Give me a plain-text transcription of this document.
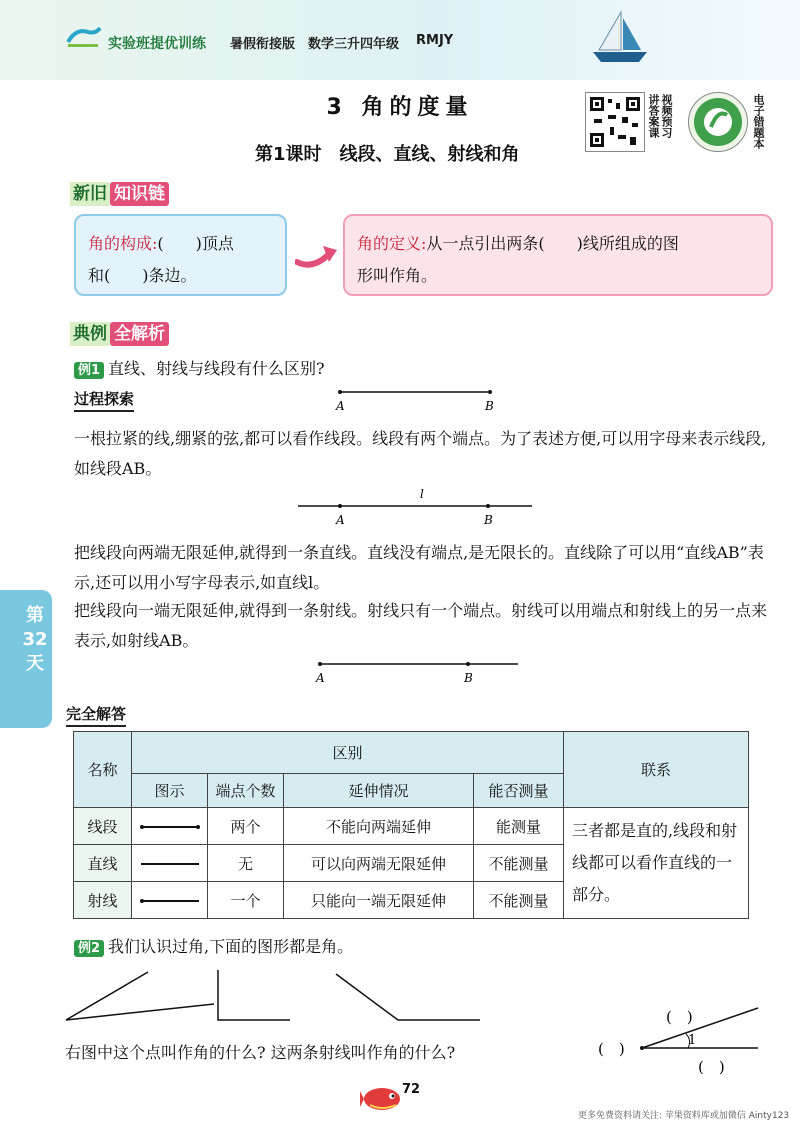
实验班提优训练 暑假衔接版 数学三升四年级 RMJY
3 角的度量
第1课时　线段、直线、射线和角
视频预习 讲答案课	电子错题本
新旧 知识链
角的构成:(　　)顶点
和(　　)条边。
角的定义:从一点引出两条(　　)线所组成的图
形叫作角。
典例 全解析
例1 直线、射线与线段有什么区别?
过程探索	A	B
一根拉紧的线,绷紧的弦,都可以看作线段。线段有两个端点。为了表述方便,可以用字母来表示线段,如线段AB。
l
A	B
把线段向两端无限延伸,就得到一条直线。直线没有端点,是无限长的。直线除了可以用“直线AB”表示,还可以用小写字母表示,如直线l。
把线段向一端无限延伸,就得到一条射线。射线只有一个端点。射线可以用端点和射线上的另一点来表示,如射线AB。
A	B
第
32
天
完全解答
名称	区别				联系
	图示	端点个数	延伸情况	能否测量	
线段		两个	不能向两端延伸	能测量	三者都是直的,线段和射线都可以看作直线的一部分。
直线		无	可以向两端无限延伸	不能测量	
射线		一个	只能向一端无限延伸	不能测量	
例2 我们认识过角,下面的图形都是角。
右图中这个点叫作角的什么? 这两条射线叫作角的什么?
1
(　)
(　)
(　)
72
更多免费资料请关注: 苹果资料库或加微信 Ainty123
